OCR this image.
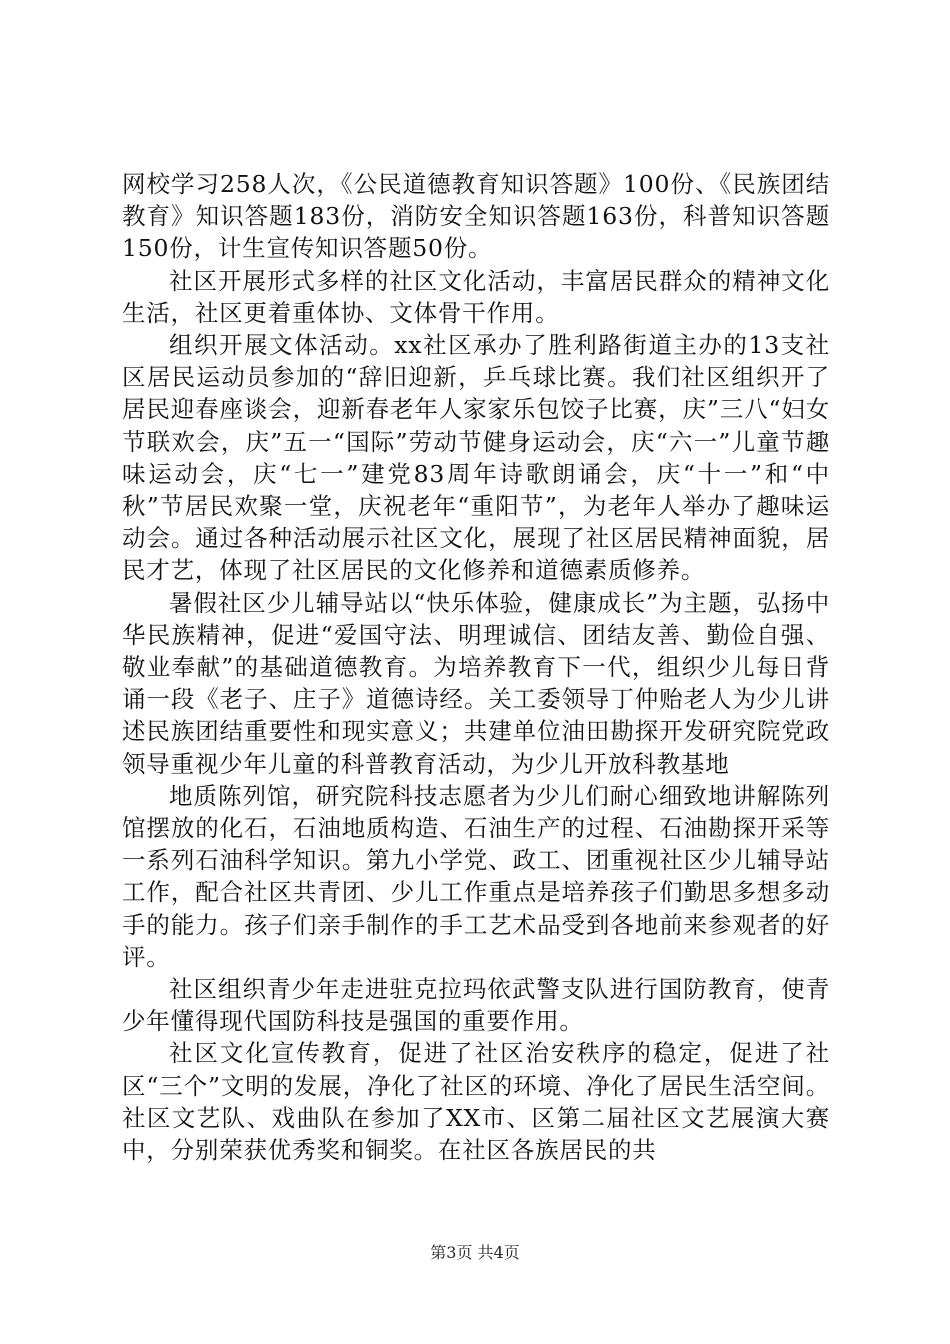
网校学习258人次，《公民道德教育知识答题》100份、《民族团结教育》知识答题183份，消防安全知识答题163份，科普知识答题150份，计生宣传知识答题50份。

社区开展形式多样的社区文化活动，丰富居民群众的精神文化生活，社区更着重体协、文体骨干作用。

组织开展文体活动。xx社区承办了胜利路街道主办的13支社区居民运动员参加的“辞旧迎新，乒乓球比赛。我们社区组织开了居民迎春座谈会，迎新春老年人家家乐包饺子比赛，庆”三八“妇女节联欢会，庆”五一“国际”劳动节健身运动会，庆“六一”儿童节趣味运动会，庆“七一”建党83周年诗歌朗诵会，庆“十一”和“中秋”节居民欢聚一堂，庆祝老年“重阳节”，为老年人举办了趣味运动会。通过各种活动展示社区文化，展现了社区居民精神面貌，居民才艺，体现了社区居民的文化修养和道德素质修养。

暑假社区少儿辅导站以“快乐体验，健康成长”为主题，弘扬中华民族精神，促进“爱国守法、明理诚信、团结友善、勤俭自强、敬业奉献”的基础道德教育。为培养教育下一代，组织少儿每日背诵一段《老子、庄子》道德诗经。关工委领导丁仲贻老人为少儿讲述民族团结重要性和现实意义；共建单位油田勘探开发研究院党政领导重视少年儿童的科普教育活动，为少儿开放科教基地

地质陈列馆，研究院科技志愿者为少儿们耐心细致地讲解陈列馆摆放的化石，石油地质构造、石油生产的过程、石油勘探开采等一系列石油科学知识。第九小学党、政工、团重视社区少儿辅导站工作，配合社区共青团、少儿工作重点是培养孩子们勤思多想多动手的能力。孩子们亲手制作的手工艺术品受到各地前来参观者的好评。

社区组织青少年走进驻克拉玛依武警支队进行国防教育，使青少年懂得现代国防科技是强国的重要作用。

社区文化宣传教育，促进了社区治安秩序的稳定，促进了社区“三个”文明的发展，净化了社区的环境、净化了居民生活空间。社区文艺队、戏曲队在参加了XX市、区第二届社区文艺展演大赛中，分别荣获优秀奖和铜奖。在社区各族居民的共

第3页 共4页
